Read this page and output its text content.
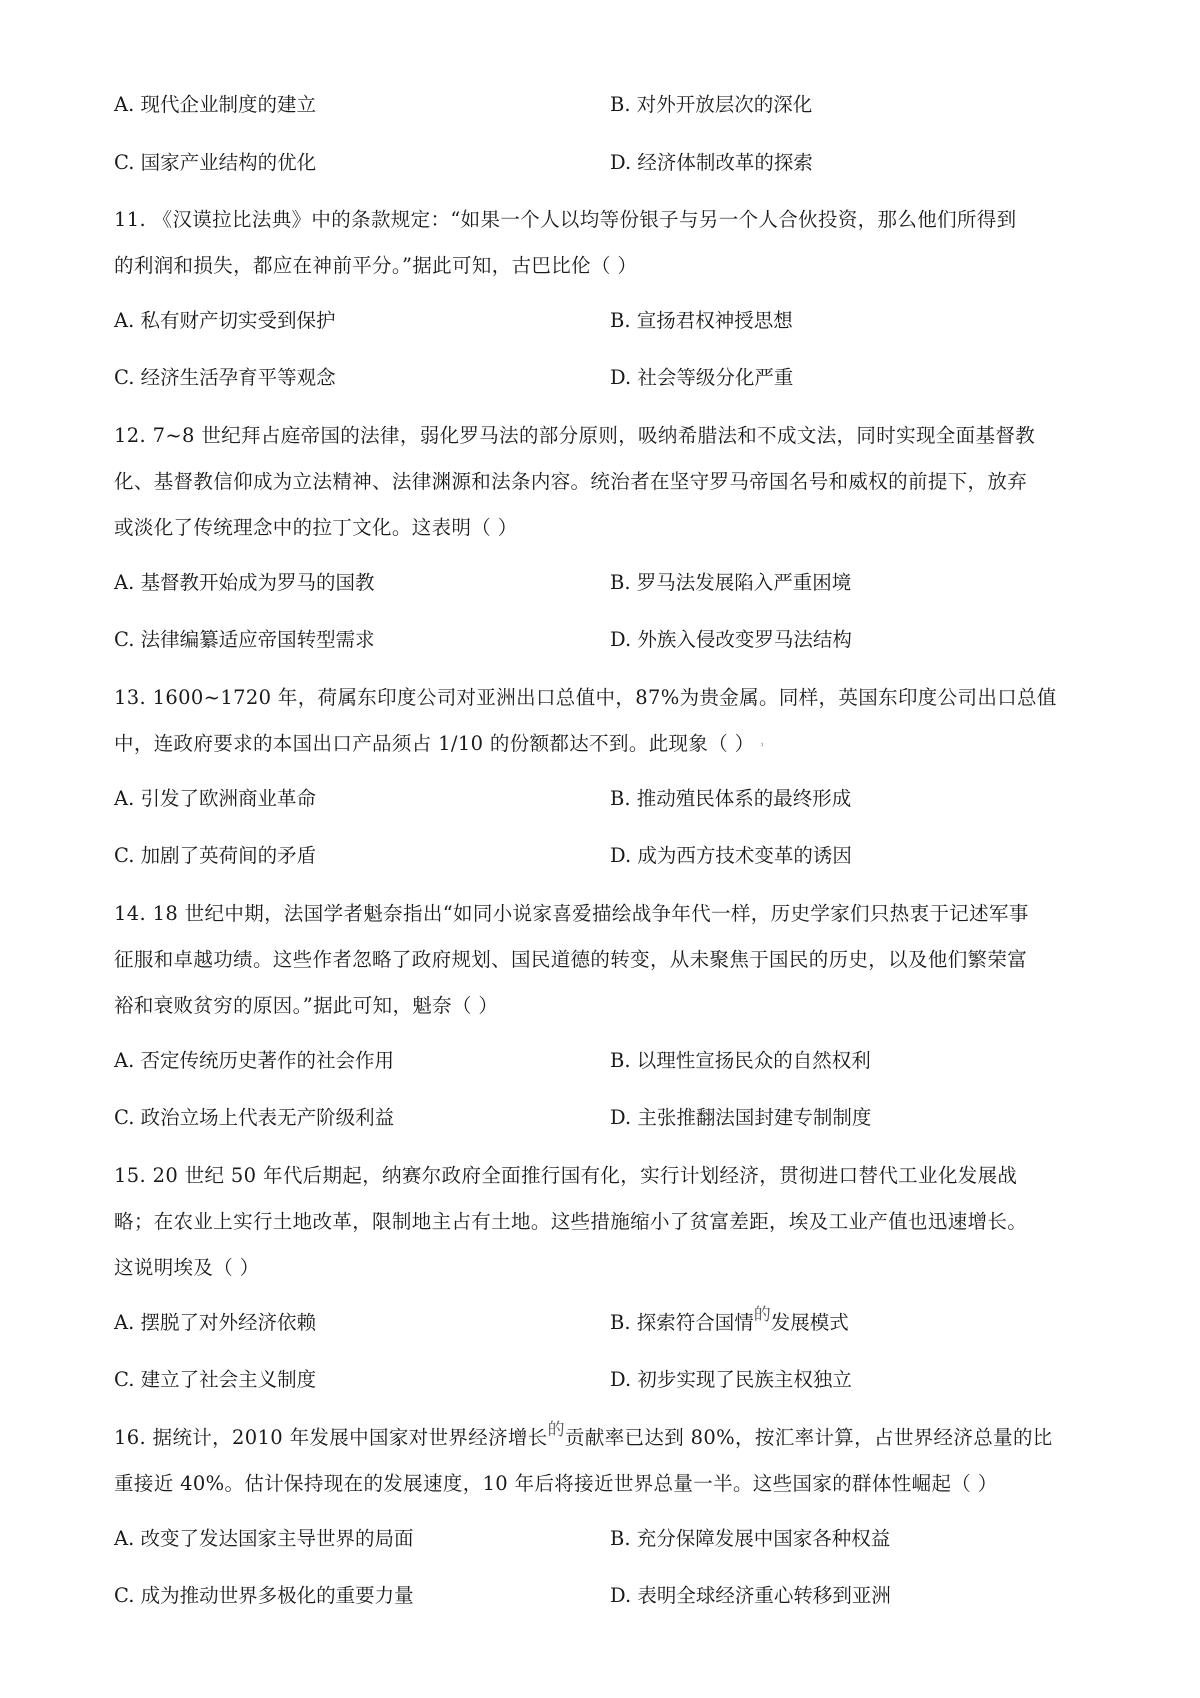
A. 现代企业制度的建立	B. 对外开放层次的深化
C. 国家产业结构的优化	D. 经济体制改革的探索
11. 《汉谟拉比法典》中的条款规定：“如果一个人以均等份银子与另一个人合伙投资，那么他们所得到
的利润和损失，都应在神前平分。”据此可知，古巴比伦（ ）
A. 私有财产切实受到保护	B. 宣扬君权神授思想
C. 经济生活孕育平等观念	D. 社会等级分化严重
12. 7~8 世纪拜占庭帝国的法律，弱化罗马法的部分原则，吸纳希腊法和不成文法，同时实现全面基督教
化、基督教信仰成为立法精神、法律渊源和法条内容。统治者在坚守罗马帝国名号和威权的前提下，放弃
或淡化了传统理念中的拉丁文化。这表明（ ）
A. 基督教开始成为罗马的国教	B. 罗马法发展陷入严重困境
C. 法律编纂适应帝国转型需求	D. 外族入侵改变罗马法结构
13. 1600~1720 年，荷属东印度公司对亚洲出口总值中，87%为贵金属。同样，英国东印度公司出口总值
中，连政府要求的本国出口产品须占 1/10 的份额都达不到。此现象（ ） ˒
A. 引发了欧洲商业革命	B. 推动殖民体系的最终形成
C. 加剧了英荷间的矛盾	D. 成为西方技术变革的诱因
14. 18 世纪中期，法国学者魁奈指出“如同小说家喜爱描绘战争年代一样，历史学家们只热衷于记述军事
征服和卓越功绩。这些作者忽略了政府规划、国民道德的转变，从未聚焦于国民的历史，以及他们繁荣富
裕和衰败贫穷的原因。”据此可知，魁奈（ ）
A. 否定传统历史著作的社会作用	B. 以理性宣扬民众的自然权利
C. 政治立场上代表无产阶级利益	D. 主张推翻法国封建专制制度
15. 20 世纪 50 年代后期起，纳赛尔政府全面推行国有化，实行计划经济，贯彻进口替代工业化发展战
略；在农业上实行土地改革，限制地主占有土地。这些措施缩小了贫富差距，埃及工业产值也迅速增长。
这说明埃及（ ）
A. 摆脱了对外经济依赖	B. 探索符合国情的发展模式
C. 建立了社会主义制度	D. 初步实现了民族主权独立
16. 据统计，2010 年发展中国家对世界经济增长的贡献率已达到 80%，按汇率计算，占世界经济总量的比
重接近 40%。估计保持现在的发展速度，10 年后将接近世界总量一半。这些国家的群体性崛起（ ）
A. 改变了发达国家主导世界的局面	B. 充分保障发展中国家各种权益
C. 成为推动世界多极化的重要力量	D. 表明全球经济重心转移到亚洲
